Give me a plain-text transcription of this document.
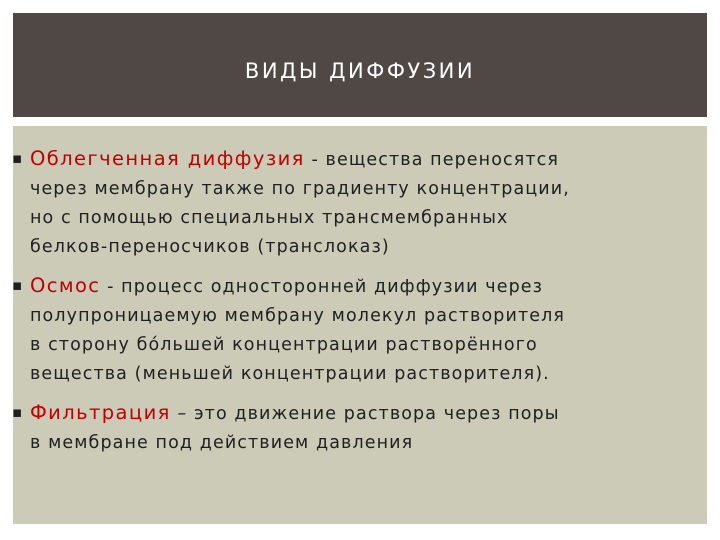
ВИДЫ ДИФФУЗИИ
▪ Облегченная диффузия - вещества переносятся
через мембрану также по градиенту концентрации,
но с помощью специальных трансмембранных
белков-переносчиков (транслоказ)
▪ Осмос - процесс односторонней диффузии через
полупроницаемую мембрану молекул растворителя
в сторону бо́льшей концентрации растворённого
вещества (меньшей концентрации растворителя).
▪ Фильтрация – это движение раствора через поры
в мембране под действием давления
